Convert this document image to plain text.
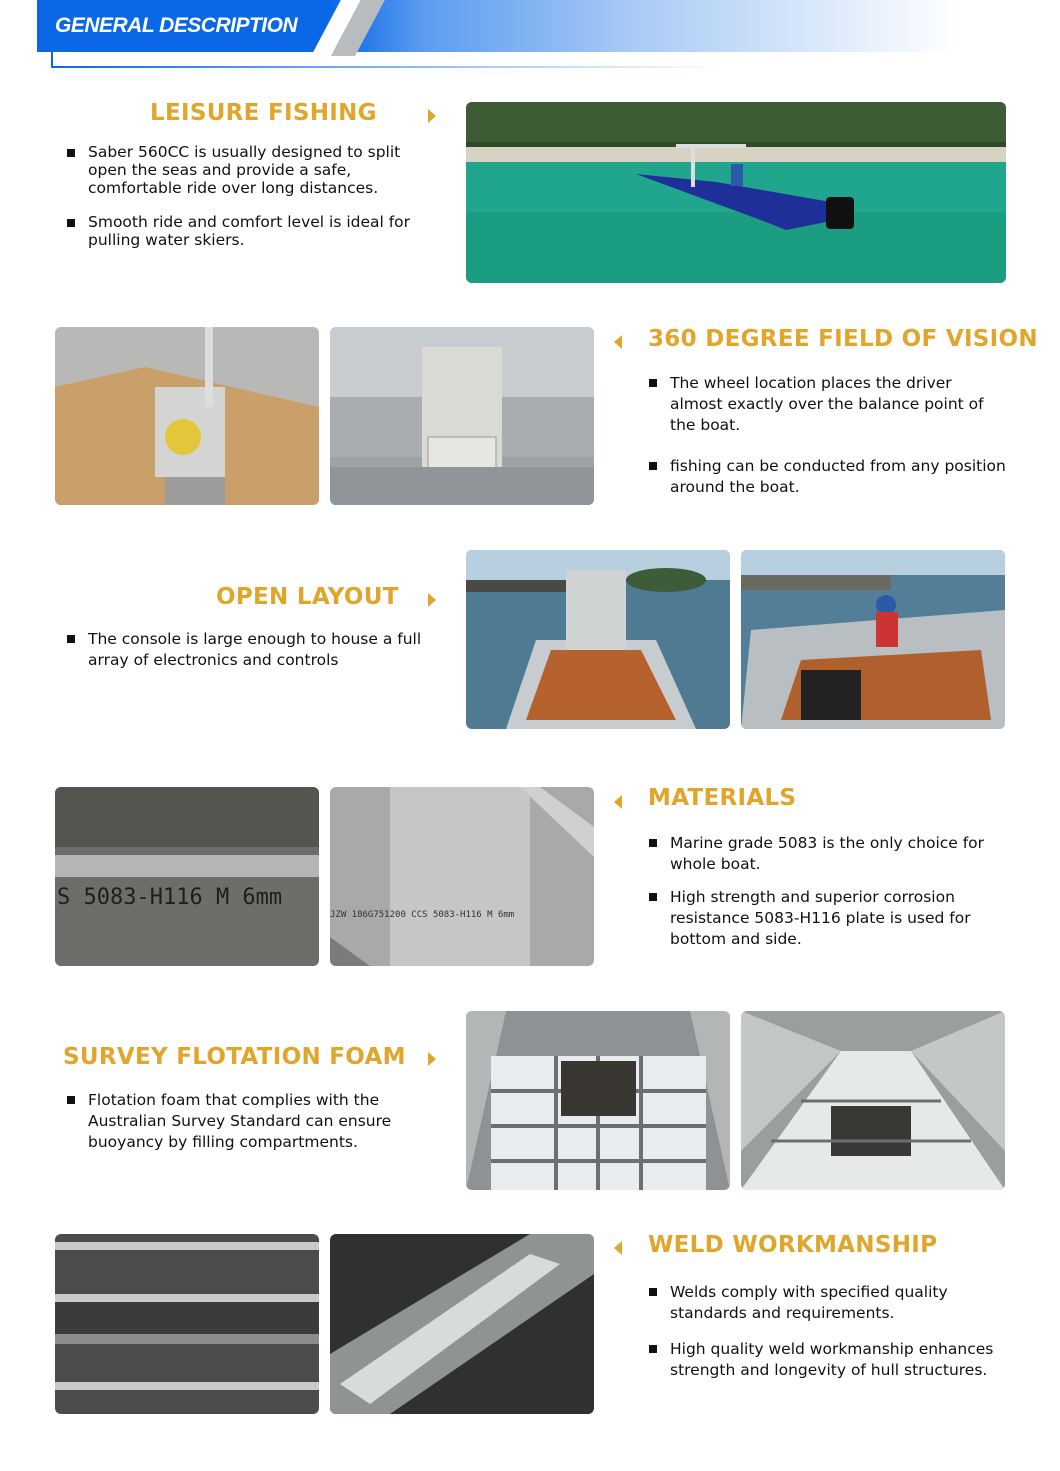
GENERAL DESCRIPTION
LEISURE FISHING
Saber 560CC is usually designed to split open the seas and provide a safe, comfortable ride over long distances.
Smooth ride and comfort level is ideal for pulling water skiers.
360 DEGREE FIELD OF VISION
The wheel location places the driver almost exactly over the balance point of the boat.
fishing can be conducted from any position around the boat.
OPEN LAYOUT
The console is large enough to house a full array of electronics and controls
S 5083-H116 M 6mm
JZW 186G751200 CCS 5083-H116 M 6mm
MATERIALS
Marine grade 5083 is the only choice for whole boat.
High strength and superior corrosion resistance 5083-H116 plate is used for bottom and side.
SURVEY FLOTATION FOAM
Flotation foam that complies with the Australian Survey Standard can ensure buoyancy by filling compartments.
WELD WORKMANSHIP
Welds comply with specified quality standards and requirements.
High quality weld workmanship enhances strength and longevity of hull structures.
